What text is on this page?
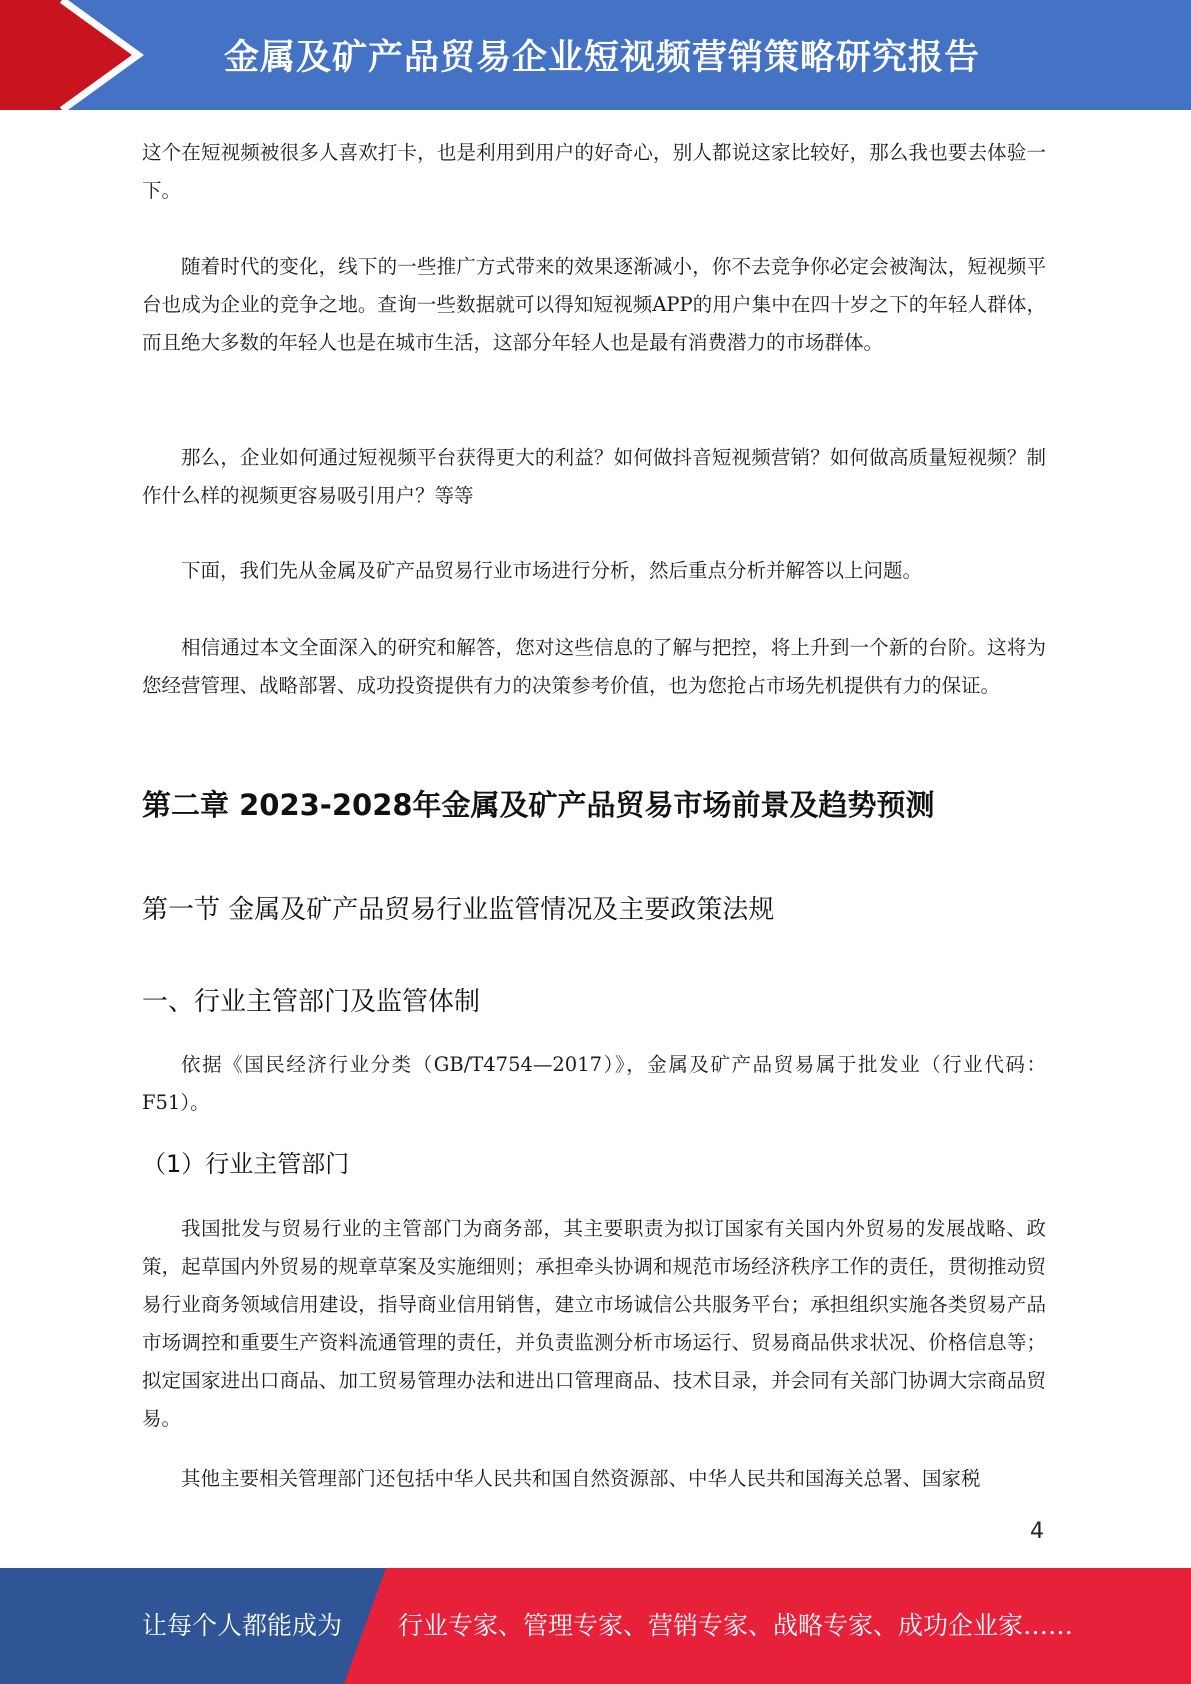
金属及矿产品贸易企业短视频营销策略研究报告

这个在短视频被很多人喜欢打卡，也是利用到用户的好奇心，别人都说这家比较好，那么我也要去体验一下。

随着时代的变化，线下的一些推广方式带来的效果逐渐减小，你不去竞争你必定会被淘汰，短视频平台也成为企业的竞争之地。查询一些数据就可以得知短视频APP的用户集中在四十岁之下的年轻人群体，而且绝大多数的年轻人也是在城市生活，这部分年轻人也是最有消费潜力的市场群体。

那么，企业如何通过短视频平台获得更大的利益？如何做抖音短视频营销？如何做高质量短视频？制作什么样的视频更容易吸引用户？等等

下面，我们先从金属及矿产品贸易行业市场进行分析，然后重点分析并解答以上问题。

相信通过本文全面深入的研究和解答，您对这些信息的了解与把控，将上升到一个新的台阶。这将为您经营管理、战略部署、成功投资提供有力的决策参考价值，也为您抢占市场先机提供有力的保证。

第二章 2023-2028年金属及矿产品贸易市场前景及趋势预测
第一节 金属及矿产品贸易行业监管情况及主要政策法规
一、行业主管部门及监管体制

依据《国民经济行业分类（GB/T4754—2017）》，金属及矿产品贸易属于批发业（行业代码：F51）。

（1）行业主管部门

我国批发与贸易行业的主管部门为商务部，其主要职责为拟订国家有关国内外贸易的发展战略、政策，起草国内外贸易的规章草案及实施细则；承担牵头协调和规范市场经济秩序工作的责任，贯彻推动贸易行业商务领域信用建设，指导商业信用销售，建立市场诚信公共服务平台；承担组织实施各类贸易产品市场调控和重要生产资料流通管理的责任，并负责监测分析市场运行、贸易商品供求状况、价格信息等；拟定国家进出口商品、加工贸易管理办法和进出口管理商品、技术目录，并会同有关部门协调大宗商品贸易。

其他主要相关管理部门还包括中华人民共和国自然资源部、中华人民共和国海关总署、国家税

4

让每个人都能成为 行业专家、管理专家、营销专家、战略专家、成功企业家……
